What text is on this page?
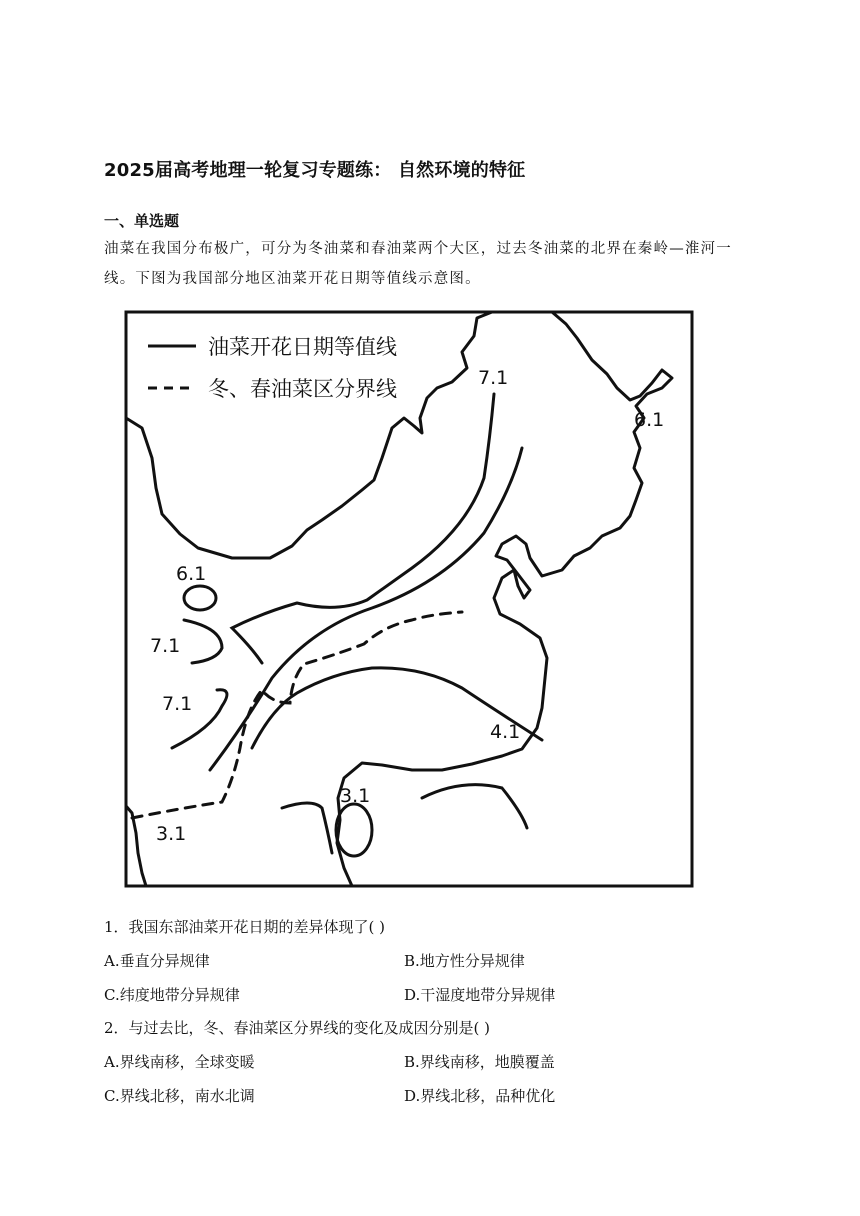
2025届高考地理一轮复习专题练： 自然环境的特征
一、单选题
油菜在我国分布极广，可分为冬油菜和春油菜两个大区，过去冬油菜的北界在秦岭—淮河一线。下图为我国部分地区油菜开花日期等值线示意图。
油菜开花日期等值线
冬、春油菜区分界线	7.1
6.1
6.1
7.1
7.1
4.1
3.1
3.1
1．我国东部油菜开花日期的差异体现了( )
A.垂直分异规律	B.地方性分异规律
C.纬度地带分异规律	D.干湿度地带分异规律
2．与过去比，冬、春油菜区分界线的变化及成因分别是( )
A.界线南移，全球变暖	B.界线南移，地膜覆盖
C.界线北移，南水北调	D.界线北移，品种优化
